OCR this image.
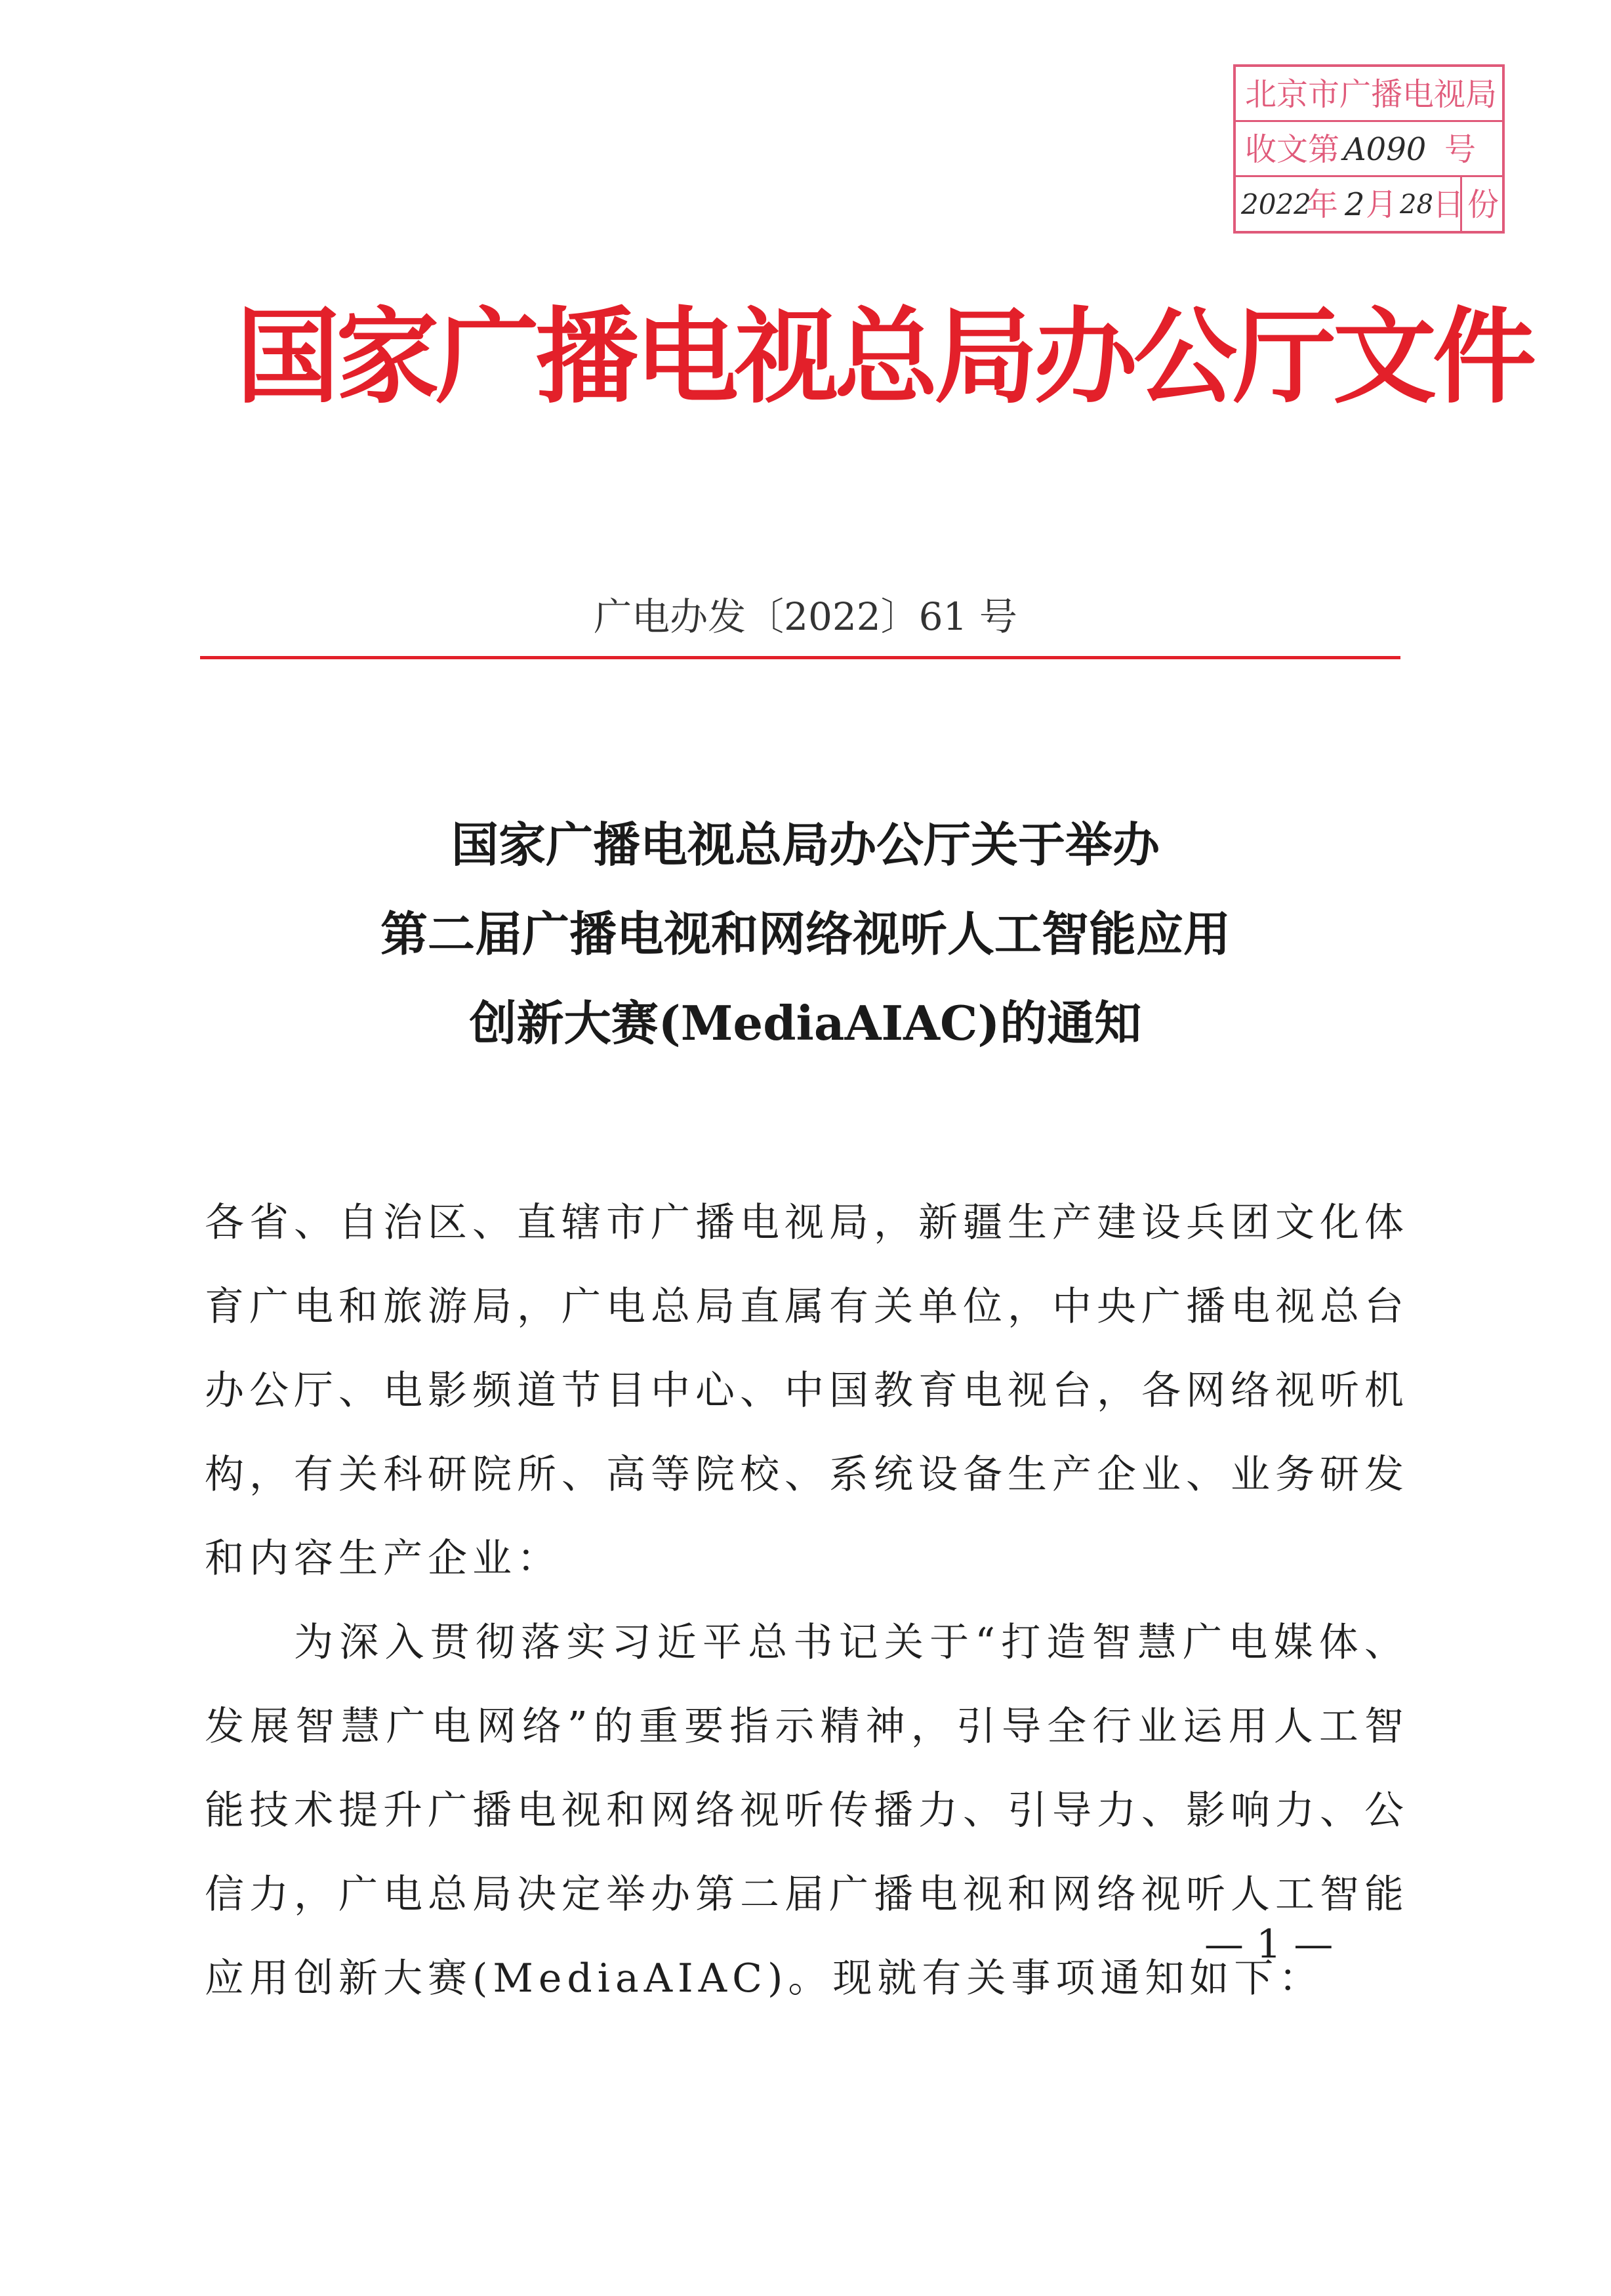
北京市广播电视局
收文第 A090 号
2022
年 2 月 28 日 份
国家广播电视总局办公厅文件
广电办发〔2022〕61 号
国家广播电视总局办公厅关于举办
第二届广播电视和网络视听人工智能应用
创新大赛(MediaAIAC)的通知

各省、自治区、直辖市广播电视局，新疆生产建设兵团文化体育广电和旅游局，广电总局直属有关单位，中央广播电视总台办公厅、电影频道节目中心、中国教育电视台，各网络视听机构，有关科研院所、高等院校、系统设备生产企业、业务研发和内容生产企业：

为深入贯彻落实习近平总书记关于“打造智慧广电媒体、发展智慧广电网络”的重要指示精神，引导全行业运用人工智能技术提升广播电视和网络视听传播力、引导力、影响力、公信力，广电总局决定举办第二届广播电视和网络视听人工智能应用创新大赛(MediaAIAC)。现就有关事项通知如下：

— 1 —
